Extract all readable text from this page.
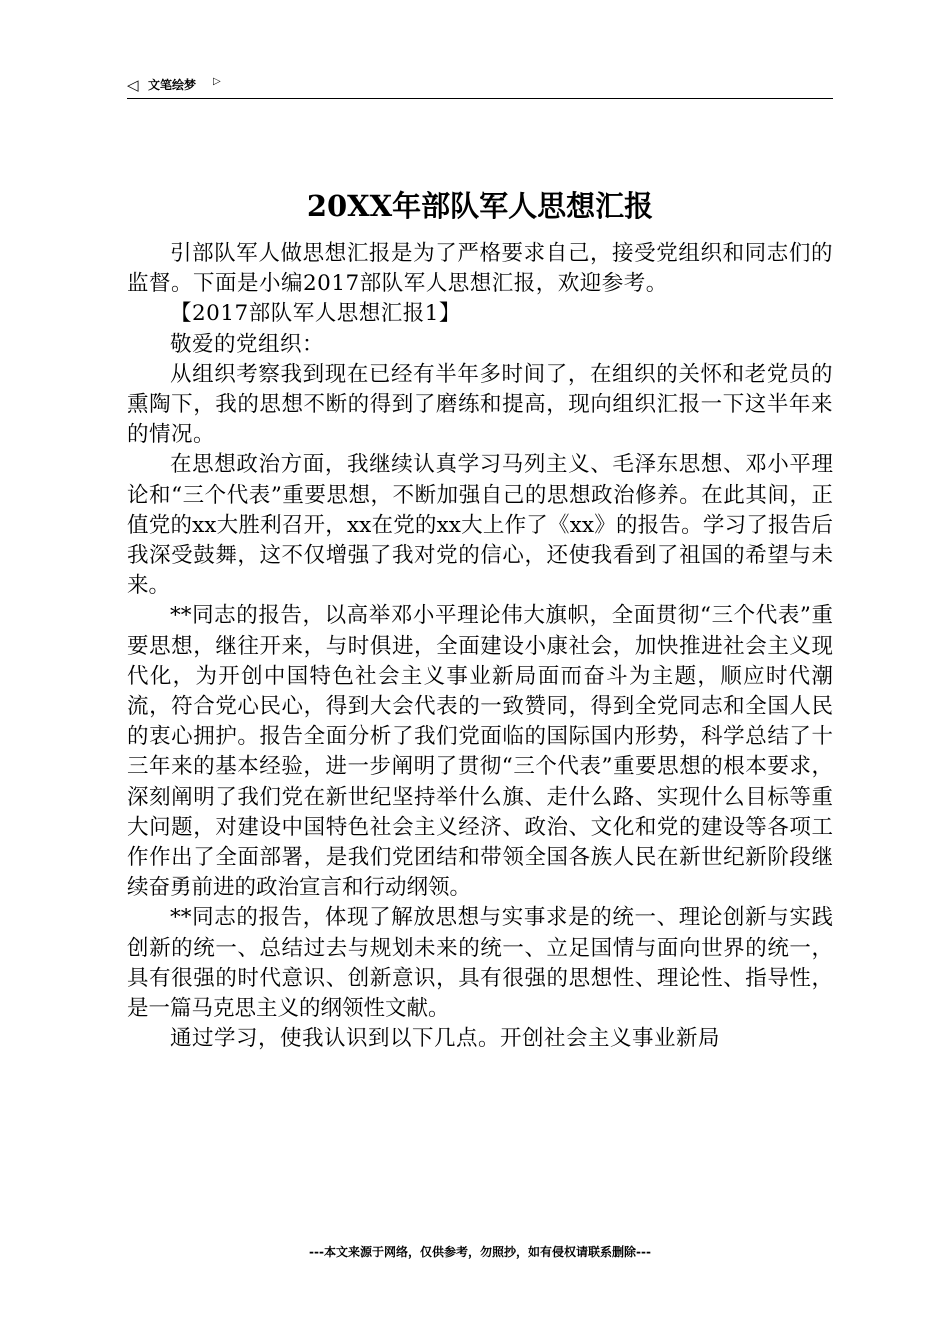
◁ 文笔绘梦 ▷
20XX年部队军人思想汇报

引部队军人做思想汇报是为了严格要求自己，接受党组织和同志们的监督。下面是小编2017部队军人思想汇报，欢迎参考。

【2017部队军人思想汇报1】

敬爱的党组织：

从组织考察我到现在已经有半年多时间了，在组织的关怀和老党员的熏陶下，我的思想不断的得到了磨练和提高，现向组织汇报一下这半年来的情况。

在思想政治方面，我继续认真学习马列主义、毛泽东思想、邓小平理论和“三个代表”重要思想，不断加强自己的思想政治修养。在此其间，正值党的xx大胜利召开，xx在党的xx大上作了《xx》的报告。学习了报告后我深受鼓舞，这不仅增强了我对党的信心，还使我看到了祖国的希望与未来。

**同志的报告，以高举邓小平理论伟大旗帜，全面贯彻“三个代表”重要思想，继往开来，与时俱进，全面建设小康社会，加快推进社会主义现代化，为开创中国特色社会主义事业新局面而奋斗为主题，顺应时代潮流，符合党心民心，得到大会代表的一致赞同，得到全党同志和全国人民的衷心拥护。报告全面分析了我们党面临的国际国内形势，科学总结了十三年来的基本经验，进一步阐明了贯彻“三个代表”重要思想的根本要求，深刻阐明了我们党在新世纪坚持举什么旗、走什么路、实现什么目标等重大问题，对建设中国特色社会主义经济、政治、文化和党的建设等各项工作作出了全面部署，是我们党团结和带领全国各族人民在新世纪新阶段继续奋勇前进的政治宣言和行动纲领。

**同志的报告，体现了解放思想与实事求是的统一、理论创新与实践创新的统一、总结过去与规划未来的统一、立足国情与面向世界的统一，具有很强的时代意识、创新意识，具有很强的思想性、理论性、指导性，是一篇马克思主义的纲领性文献。

通过学习，使我认识到以下几点。开创社会主义事业新局

---本文来源于网络，仅供参考，勿照抄，如有侵权请联系删除---
